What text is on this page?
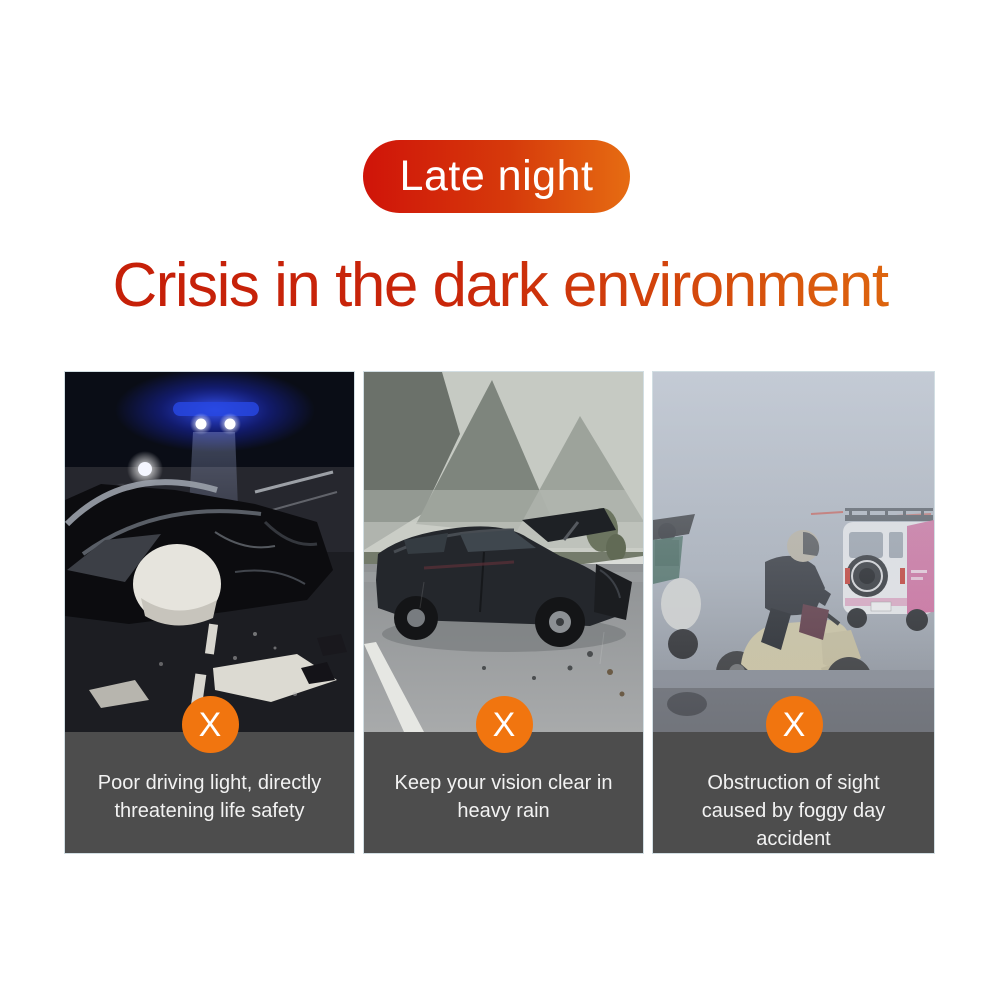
Late night
Crisis in the dark environment
X
Poor driving light, directly
threatening life safety
X
Keep your vision clear in
heavy rain
X
Obstruction of sight
caused by foggy day
accident
